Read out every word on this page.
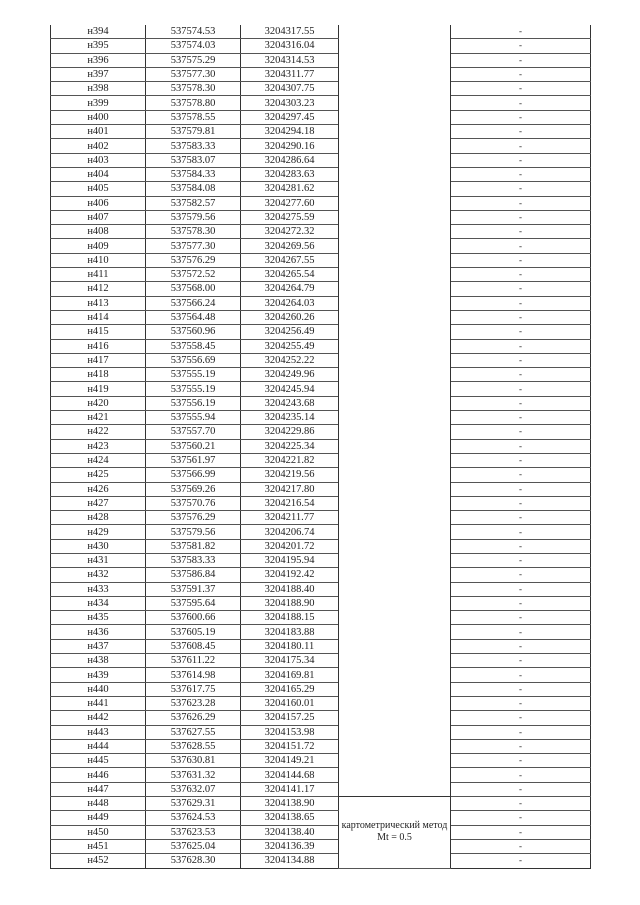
н394	537574.53	3204317.55		-
н395	537574.03	3204316.04		-
н396	537575.29	3204314.53		-
н397	537577.30	3204311.77		-
н398	537578.30	3204307.75		-
н399	537578.80	3204303.23		-
н400	537578.55	3204297.45		-
н401	537579.81	3204294.18		-
н402	537583.33	3204290.16		-
н403	537583.07	3204286.64		-
н404	537584.33	3204283.63		-
н405	537584.08	3204281.62		-
н406	537582.57	3204277.60		-
н407	537579.56	3204275.59		-
н408	537578.30	3204272.32		-
н409	537577.30	3204269.56		-
н410	537576.29	3204267.55		-
н411	537572.52	3204265.54		-
н412	537568.00	3204264.79		-
н413	537566.24	3204264.03		-
н414	537564.48	3204260.26		-
н415	537560.96	3204256.49		-
н416	537558.45	3204255.49		-
н417	537556.69	3204252.22		-
н418	537555.19	3204249.96		-
н419	537555.19	3204245.94		-
н420	537556.19	3204243.68		-
н421	537555.94	3204235.14		-
н422	537557.70	3204229.86		-
н423	537560.21	3204225.34		-
н424	537561.97	3204221.82		-
н425	537566.99	3204219.56		-
н426	537569.26	3204217.80		-
н427	537570.76	3204216.54		-
н428	537576.29	3204211.77		-
н429	537579.56	3204206.74		-
н430	537581.82	3204201.72		-
н431	537583.33	3204195.94		-
н432	537586.84	3204192.42		-
н433	537591.37	3204188.40		-
н434	537595.64	3204188.90		-
н435	537600.66	3204188.15		-
н436	537605.19	3204183.88		-
н437	537608.45	3204180.11		-
н438	537611.22	3204175.34		-
н439	537614.98	3204169.81		-
н440	537617.75	3204165.29		-
н441	537623.28	3204160.01		-
н442	537626.29	3204157.25		-
н443	537627.55	3204153.98		-
н444	537628.55	3204151.72		-
н445	537630.81	3204149.21		-
н446	537631.32	3204144.68		-
н447	537632.07	3204141.17		-
н448	537629.31	3204138.90	картометрический метод Mt = 0.5	-
н449	537624.53	3204138.65		-
н450	537623.53	3204138.40		-
н451	537625.04	3204136.39		-
н452	537628.30	3204134.88		-
